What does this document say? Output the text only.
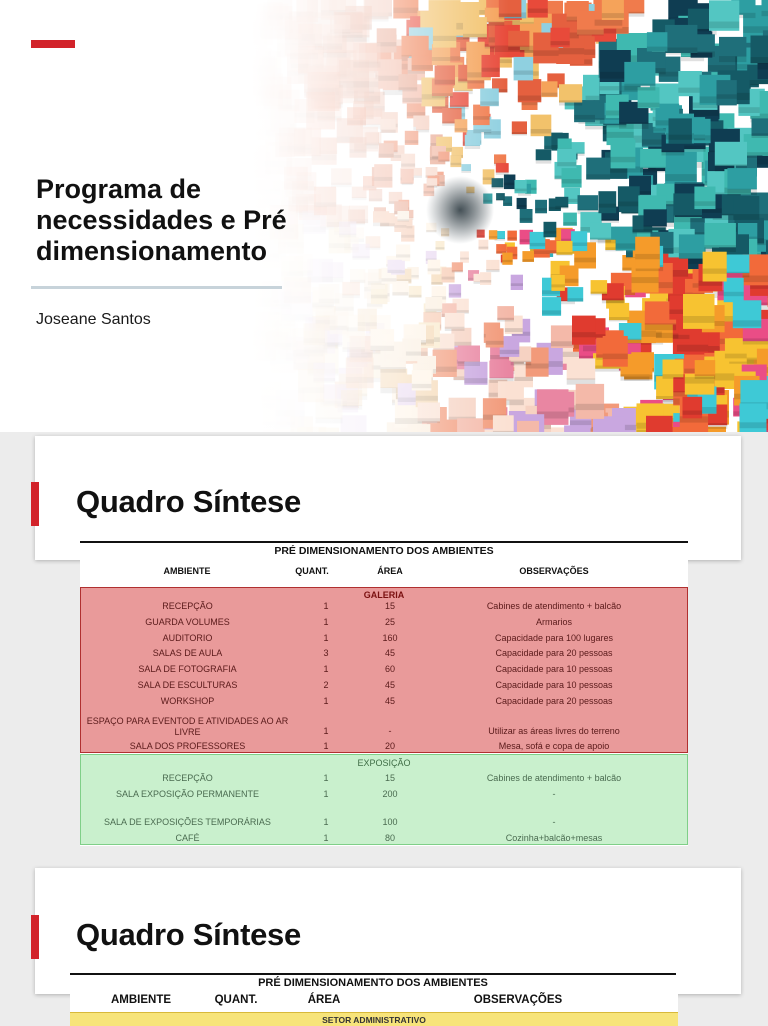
Programa de necessidades e Pré dimensionamento
Joseane Santos
Quadro Síntese
PRÉ DIMENSIONAMENTO DOS AMBIENTES
AMBIENTE	QUANT.	ÁREA	OBSERVAÇÕES
GALERIA
RECEPÇÃO	1	15	Cabines de atendimento + balcão
GUARDA VOLUMES	1	25	Armarios
AUDITORIO	1	160	Capacidade para 100 lugares
SALAS DE AULA	3	45	Capacidade para 20 pessoas
SALA DE FOTOGRAFIA	1	60	Capacidade para 10 pessoas
SALA DE ESCULTURAS	2	45	Capacidade para 10 pessoas
WORKSHOP	1	45	Capacidade para 20 pessoas
ESPAÇO PARA EVENTOD E ATIVIDADES AO AR LIVRE	1	-	Utilizar as áreas livres do terreno
SALA DOS PROFESSORES	1	20	Mesa, sofá e copa de apoio
EXPOSIÇÃO
RECEPÇÃO	1	15	Cabines de atendimento + balcão
SALA EXPOSIÇÃO PERMANENTE	1	200	-
SALA DE EXPOSIÇÕES TEMPORÁRIAS	1	100	-
CAFÉ	1	80	Cozinha+balcão+mesas
Quadro Síntese
PRÉ DIMENSIONAMENTO DOS AMBIENTES
AMBIENTE	QUANT.	ÁREA	OBSERVAÇÕES
SETOR ADMINISTRATIVO
